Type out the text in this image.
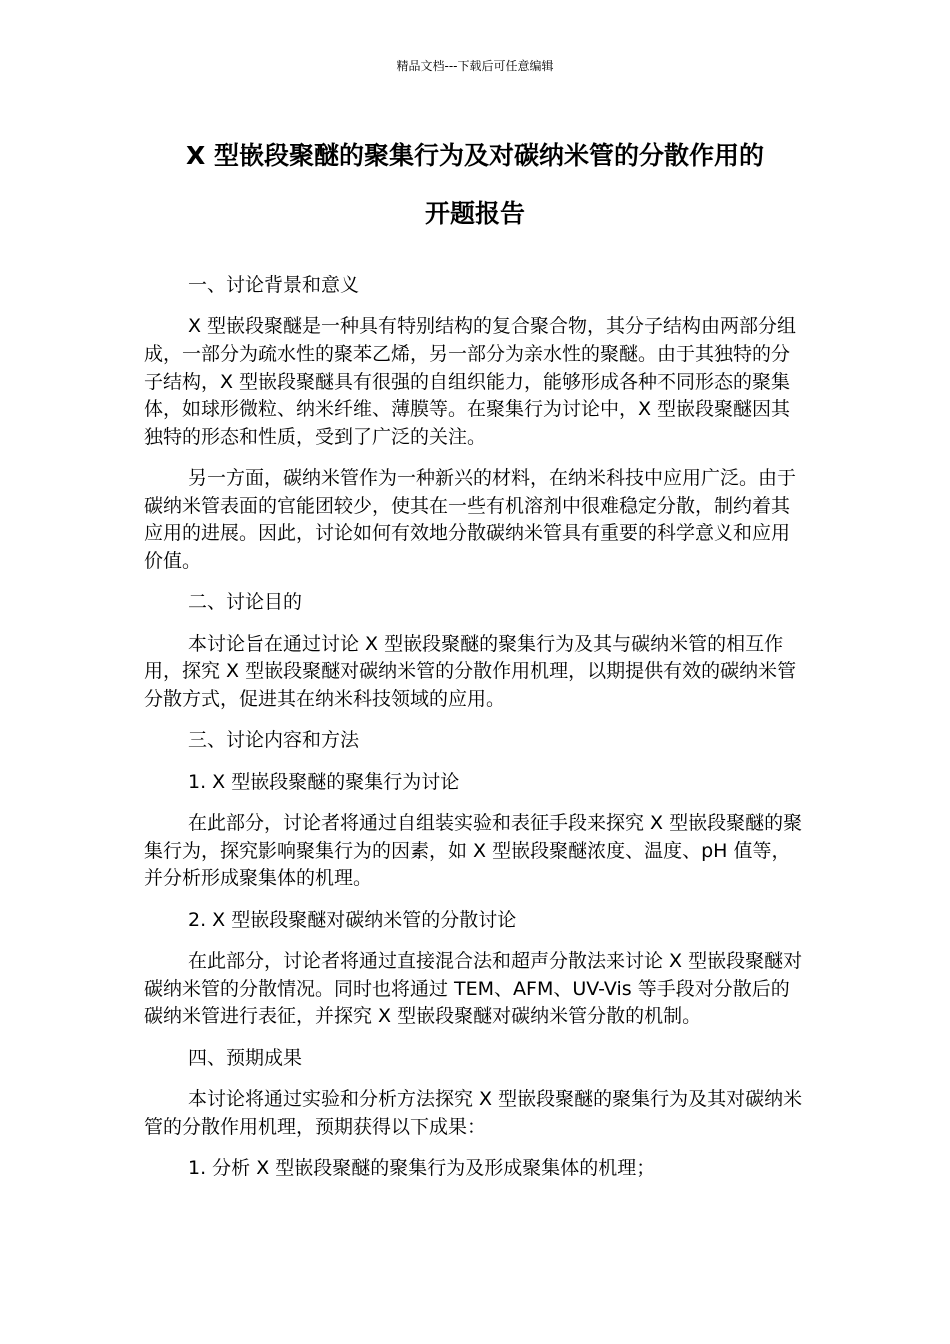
精品文档---下载后可任意编辑
X 型嵌段聚醚的聚集行为及对碳纳米管的分散作用的
开题报告

一、讨论背景和意义

X 型嵌段聚醚是一种具有特别结构的复合聚合物，其分子结构由两部分组成，一部分为疏水性的聚苯乙烯，另一部分为亲水性的聚醚。由于其独特的分子结构，X 型嵌段聚醚具有很强的自组织能力，能够形成各种不同形态的聚集体，如球形微粒、纳米纤维、薄膜等。在聚集行为讨论中，X 型嵌段聚醚因其独特的形态和性质，受到了广泛的关注。

另一方面，碳纳米管作为一种新兴的材料，在纳米科技中应用广泛。由于碳纳米管表面的官能团较少，使其在一些有机溶剂中很难稳定分散，制约着其应用的进展。因此，讨论如何有效地分散碳纳米管具有重要的科学意义和应用价值。

二、讨论目的

本讨论旨在通过讨论 X 型嵌段聚醚的聚集行为及其与碳纳米管的相互作用，探究 X 型嵌段聚醚对碳纳米管的分散作用机理，以期提供有效的碳纳米管分散方式，促进其在纳米科技领域的应用。

三、讨论内容和方法

1. X 型嵌段聚醚的聚集行为讨论

在此部分，讨论者将通过自组装实验和表征手段来探究 X 型嵌段聚醚的聚集行为，探究影响聚集行为的因素，如 X 型嵌段聚醚浓度、温度、pH 值等，并分析形成聚集体的机理。

2. X 型嵌段聚醚对碳纳米管的分散讨论

在此部分，讨论者将通过直接混合法和超声分散法来讨论 X 型嵌段聚醚对碳纳米管的分散情况。同时也将通过 TEM、AFM、UV-Vis 等手段对分散后的碳纳米管进行表征，并探究 X 型嵌段聚醚对碳纳米管分散的机制。

四、预期成果

本讨论将通过实验和分析方法探究 X 型嵌段聚醚的聚集行为及其对碳纳米管的分散作用机理，预期获得以下成果：

1. 分析 X 型嵌段聚醚的聚集行为及形成聚集体的机理；
